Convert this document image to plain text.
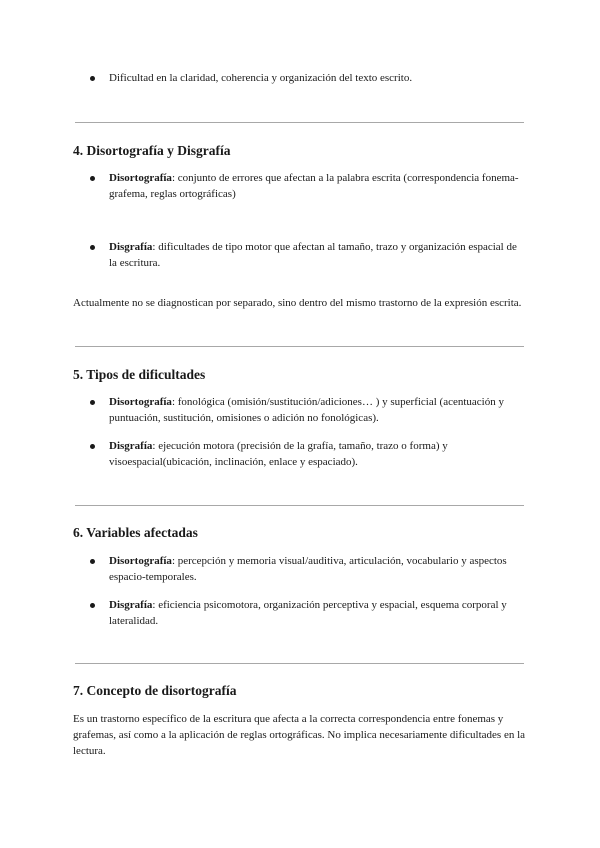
Dificultad en la claridad, coherencia y organización del texto escrito.
4. Disortografía y Disgrafía
Disortografía: conjunto de errores que afectan a la palabra escrita (correspondencia fonema-grafema, reglas ortográficas)
Disgrafía: dificultades de tipo motor que afectan al tamaño, trazo y organización espacial de la escritura.

Actualmente no se diagnostican por separado, sino dentro del mismo trastorno de la expresión escrita.

5. Tipos de dificultades
Disortografía: fonológica (omisión/sustitución/adiciones… ) y superficial (acentuación y puntuación, sustitución, omisiones o adición no fonológicas).
Disgrafía: ejecución motora (precisión de la grafía, tamaño, trazo o forma) y visoespacial(ubicación, inclinación, enlace y espaciado).
6. Variables afectadas
Disortografía: percepción y memoria visual/auditiva, articulación, vocabulario y aspectos espacio-temporales.
Disgrafía: eficiencia psicomotora, organización perceptiva y espacial, esquema corporal y lateralidad.
7. Concepto de disortografía

Es un trastorno específico de la escritura que afecta a la correcta correspondencia entre fonemas y grafemas, así como a la aplicación de reglas ortográficas. No implica necesariamente dificultades en la lectura.
